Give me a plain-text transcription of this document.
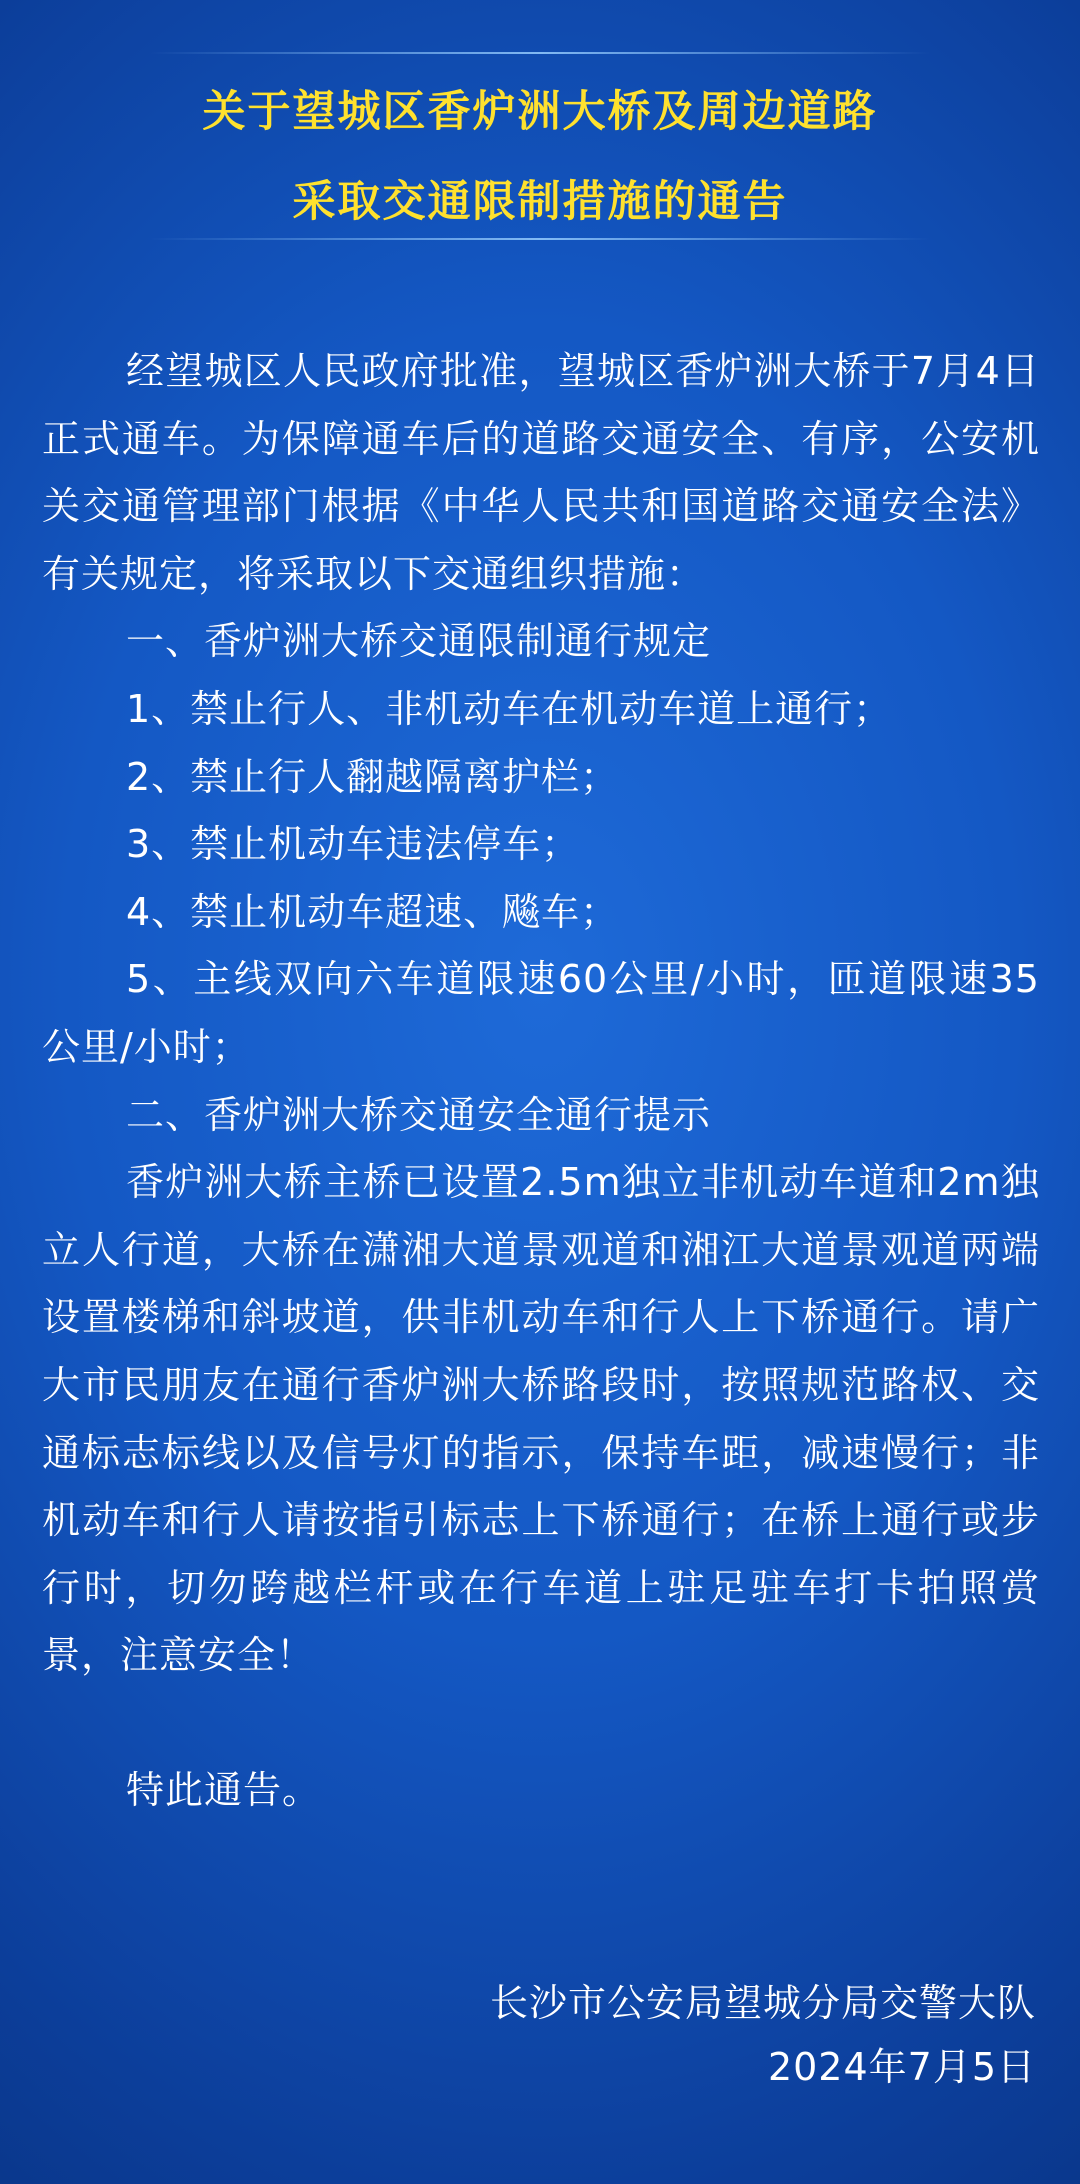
关于望城区香炉洲大桥及周边道路
采取交通限制措施的通告

经望城区人民政府批准，望城区香炉洲大桥于7月4日正式通车。为保障通车后的道路交通安全、有序，公安机关交通管理部门根据《中华人民共和国道路交通安全法》有关规定，将采取以下交通组织措施：

一、香炉洲大桥交通限制通行规定

1、禁止行人、非机动车在机动车道上通行；

2、禁止行人翻越隔离护栏；

3、禁止机动车违法停车；

4、禁止机动车超速、飚车；

5、主线双向六车道限速60公里/小时，匝道限速35公里/小时；

二、香炉洲大桥交通安全通行提示

香炉洲大桥主桥已设置2.5m独立非机动车道和2m独立人行道，大桥在潇湘大道景观道和湘江大道景观道两端设置楼梯和斜坡道，供非机动车和行人上下桥通行。请广大市民朋友在通行香炉洲大桥路段时，按照规范路权、交通标志标线以及信号灯的指示，保持车距，减速慢行；非机动车和行人请按指引标志上下桥通行；在桥上通行或步行时，切勿跨越栏杆或在行车道上驻足驻车打卡拍照赏景，注意安全！

特此通告。

长沙市公安局望城分局交警大队
2024年7月5日
